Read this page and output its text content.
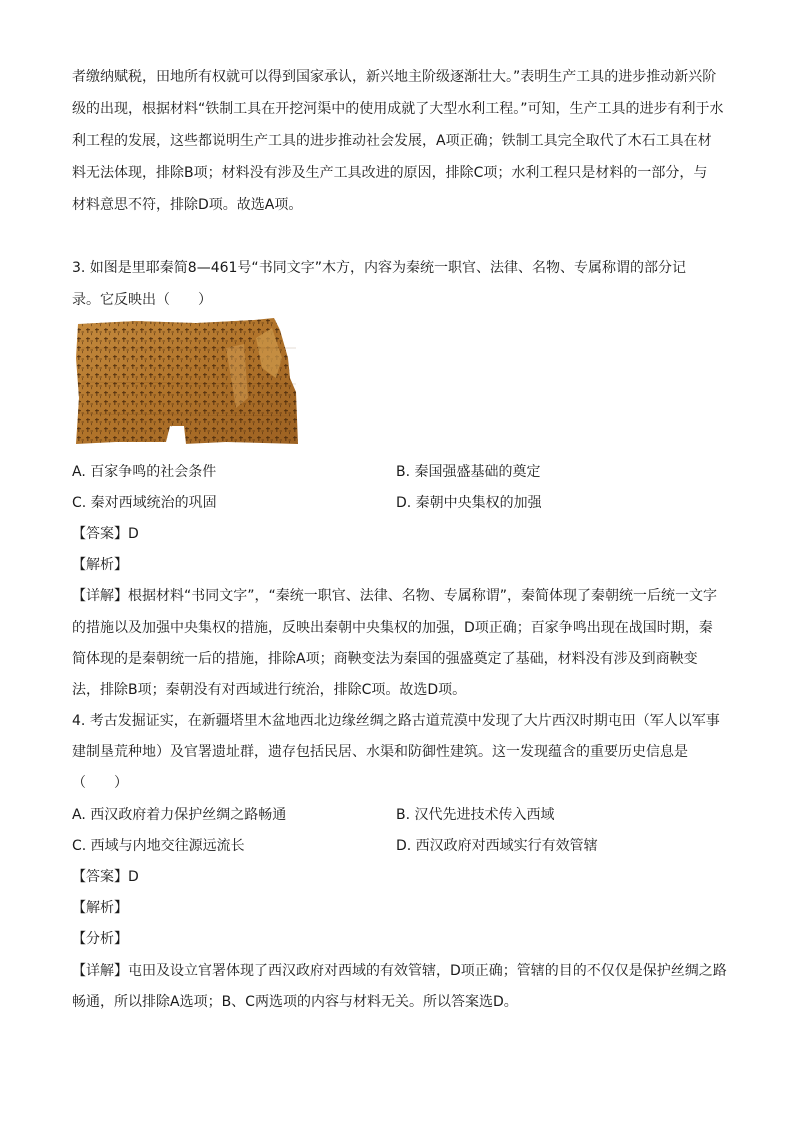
者缴纳赋税，田地所有权就可以得到国家承认，新兴地主阶级逐渐壮大。”表明生产工具的进步推动新兴阶
级的出现，根据材料“铁制工具在开挖河渠中的使用成就了大型水利工程。”可知，生产工具的进步有利于水
利工程的发展，这些都说明生产工具的进步推动社会发展，A项正确；铁制工具完全取代了木石工具在材
料无法体现，排除B项；材料没有涉及生产工具改进的原因，排除C项；水利工程只是材料的一部分，与
材料意思不符，排除D项。故选A项。
3. 如图是里耶秦简8—461号“书同文字”木方，内容为秦统一职官、法律、名物、专属称谓的部分记
录。它反映出（　　）
A. 百家争鸣的社会条件	B. 秦国强盛基础的奠定
C. 秦对西域统治的巩固	D. 秦朝中央集权的加强
【答案】D
【解析】
【详解】根据材料“书同文字”，“秦统一职官、法律、名物、专属称谓”，秦简体现了秦朝统一后统一文字
的措施以及加强中央集权的措施，反映出秦朝中央集权的加强，D项正确；百家争鸣出现在战国时期，秦
简体现的是秦朝统一后的措施，排除A项；商鞅变法为秦国的强盛奠定了基础，材料没有涉及到商鞅变
法，排除B项；秦朝没有对西域进行统治，排除C项。故选D项。
4. 考古发掘证实，在新疆塔里木盆地西北边缘丝绸之路古道荒漠中发现了大片西汉时期屯田（军人以军事
建制垦荒种地）及官署遗址群，遗存包括民居、水渠和防御性建筑。这一发现蕴含的重要历史信息是
（　　）
A. 西汉政府着力保护丝绸之路畅通	B. 汉代先进技术传入西域
C. 西域与内地交往源远流长	D. 西汉政府对西域实行有效管辖
【答案】D
【解析】
【分析】
【详解】屯田及设立官署体现了西汉政府对西域的有效管辖，D项正确；管辖的目的不仅仅是保护丝绸之路
畅通，所以排除A选项；B、C两选项的内容与材料无关。所以答案选D。
